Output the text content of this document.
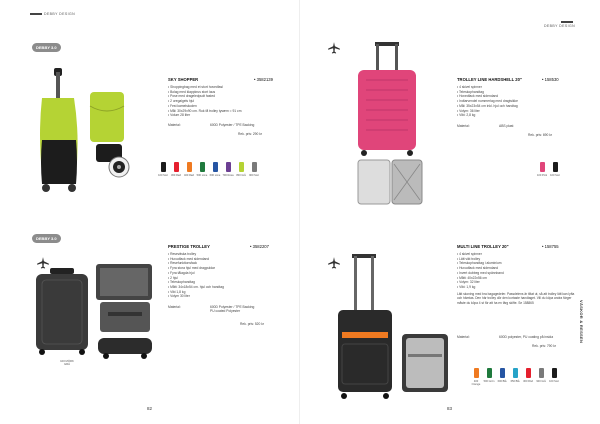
DEBBY DESIGN

DEBBY DESIGN
DEBBY 3.0
SKY SHOPPER	• 3582139
• Shoppingbag med et stort hovedfasl
• Bolag med klappkrus stort laus
• Pose med drageledpudt fasted
• 2 uregalgels hjul
• Fest kamelskoden
• Mål: 30x29x90 cm. Ruk få trolley tysæm = 91 cm
• Volum 28 liter
Material:	600D Polyester / TPE Backing
Rek. pris: 290 kr
100 Sort	300 Rød	400 Rød	500 Lime 600 Lime 700 Rosa	800 Grå	900 Sort
TROLLEY LINE HARDSHELL 20"	• 158530
• 4 skivel spinner
• Teleskophandtag
• Hovedfack med sidendand
• Indtarvendel nummerlag med dragtsikke
• Mål: 35x23x54 cm inkl. hjul och handtag
• Volym: 36 liter
• Vikt: 2,8 kg
Material:	ABS plast
Rek. pris: 690 kr
100 Pink	100 Sort
DEBBY 3.0
100 MÖRK GRÅ
PRESTIGE TROLLEY	• 3582207
• Reseväska trolley
• Huvudfack med sidendand
• Resefunktionsfack
• Fyra stora hjul med dragpuldar
• Fyra tålagda hjul
• 2 hjul
• Teleskophandtag
• Mått: 34x18x54 cm. hjul och handtag
• Vikt 1,8 kg
• Volym 30 liter
Material:	600D Polyester / TPE Backing
PU coated Polyester
Rek. pris: 520 kr
MULTI LINE TROLLEY 20"	• 158755
• 4 skivel spinner
• Lätt vikt trolley
• Teleskophandtag i aluminium
• Huvudfack med sidendand
• Invert dubbeg med spännband
• Mått: 40x22x56 cm
• Volym: 32 liter
• Vikt: 1,9 kg
Lätt skoning med bra bagagedeler. Passdelens är tiltat ut, så att trolley lätt kan lyfta och hämtas. Den här trolley dör den kortaste handtaget. Vill du köpa andra färger måste du köpa 4 st för att ha en färg skifte. Se 158865
Material:	600D polyester, PU coating på insida
Rek. pris: 790 kr
400 Orange
500 Grön	600 Blå	650 Blå	300 Röd	900 Grå	100 Sort
VÄSKOR & RESSEN
82	83
